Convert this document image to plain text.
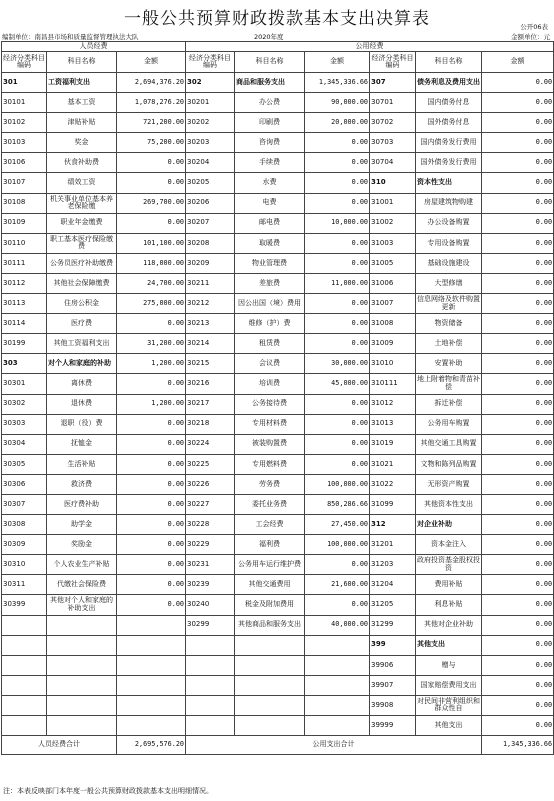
一般公共预算财政拨款基本支出决算表	公开06表
编制单位：南昌县市场和质量监督管理执法大队	2020年度	金额单位：元
人员经费			公用经费					
经济分类科目编码	科目名称	金额	经济分类科目编码	科目名称	金额	经济分类科目编码	科目名称	金额
301	工资福利支出	2,694,376.20	302	商品和服务支出	1,345,336.66	307	债务利息及费用支出	0.00
30101	基本工资	1,078,276.20	30201	办公费	90,000.00	30701	国内债务付息	0.00
30102	津贴补贴	721,200.00	30202	印刷费	20,000.00	30702	国外债务付息	0.00
30103	奖金	75,200.00	30203	咨询费	0.00	30703	国内债务发行费用	0.00
30106	伙食补助费	0.00	30204	手续费	0.00	30704	国外债务发行费用	0.00
30107	绩效工资	0.00	30205	水费	0.00	310	资本性支出	0.00
30108	机关事业单位基本养老保险缴	269,700.00	30206	电费	0.00	31001	房屋建筑物购建	0.00
30109	职业年金缴费	0.00	30207	邮电费	10,000.00	31002	办公设备购置	0.00
30110	职工基本医疗保险缴费	101,100.00	30208	取暖费	0.00	31003	专用设备购置	0.00
30111	公务员医疗补助缴费	118,000.00	30209	物业管理费	0.00	31005	基础设施建设	0.00
30112	其他社会保障缴费	24,700.00	30211	差旅费	11,000.00	31006	大型修缮	0.00
30113	住房公积金	275,000.00	30212	因公出国（境）费用	0.00	31007	信息网络及软件购置更新	0.00
30114	医疗费	0.00	30213	维修（护）费	0.00	31008	物资储备	0.00
30199	其他工资福利支出	31,200.00	30214	租赁费	0.00	31009	土地补偿	0.00
303	对个人和家庭的补助	1,200.00	30215	会议费	30,000.00	31010	安置补助	0.00
30301	离休费	0.00	30216	培训费	45,000.00	310111	地上附着物和青苗补偿	0.00
30302	退休费	1,200.00	30217	公务接待费	0.00	31012	拆迁补偿	0.00
30303	退职（役）费	0.00	30218	专用材料费	0.00	31013	公务用车购置	0.00
30304	抚恤金	0.00	30224	被装购置费	0.00	31019	其他交通工具购置	0.00
30305	生活补贴	0.00	30225	专用燃料费	0.00	31021	文物和陈列品购置	0.00
30306	救济费	0.00	30226	劳务费	100,000.00	31022	无形资产购置	0.00
30307	医疗费补助	0.00	30227	委托业务费	850,286.66	31099	其他资本性支出	0.00
30308	助学金	0.00	30228	工会经费	27,450.00	312	对企业补助	0.00
30309	奖励金	0.00	30229	福利费	100,000.00	31201	资本金注入	0.00
30310	个人农业生产补贴	0.00	30231	公务用车运行维护费	0.00	31203	政府投资基金股权投资	0.00
30311	代缴社会保险费	0.00	30239	其他交通费用	21,600.00	31204	费用补贴	0.00
30399	其他对个人和家庭的补助支出	0.00	30240	税金及附加费用	0.00	31205	利息补贴	0.00
			30299	其他商品和服务支出	40,000.00	31299	其他对企业补助	0.00
						399	其他支出	0.00
						39906	赠与	0.00
						39907	国家赔偿费用支出	0.00
						39908	对民间非营利组织和群众性自	0.00
						39999	其他支出	0.00
人员经费合计		2,695,576.20	公用支出合计					1,345,336.66
注：本表反映部门本年度一般公共预算财政拨款基本支出明细情况。
